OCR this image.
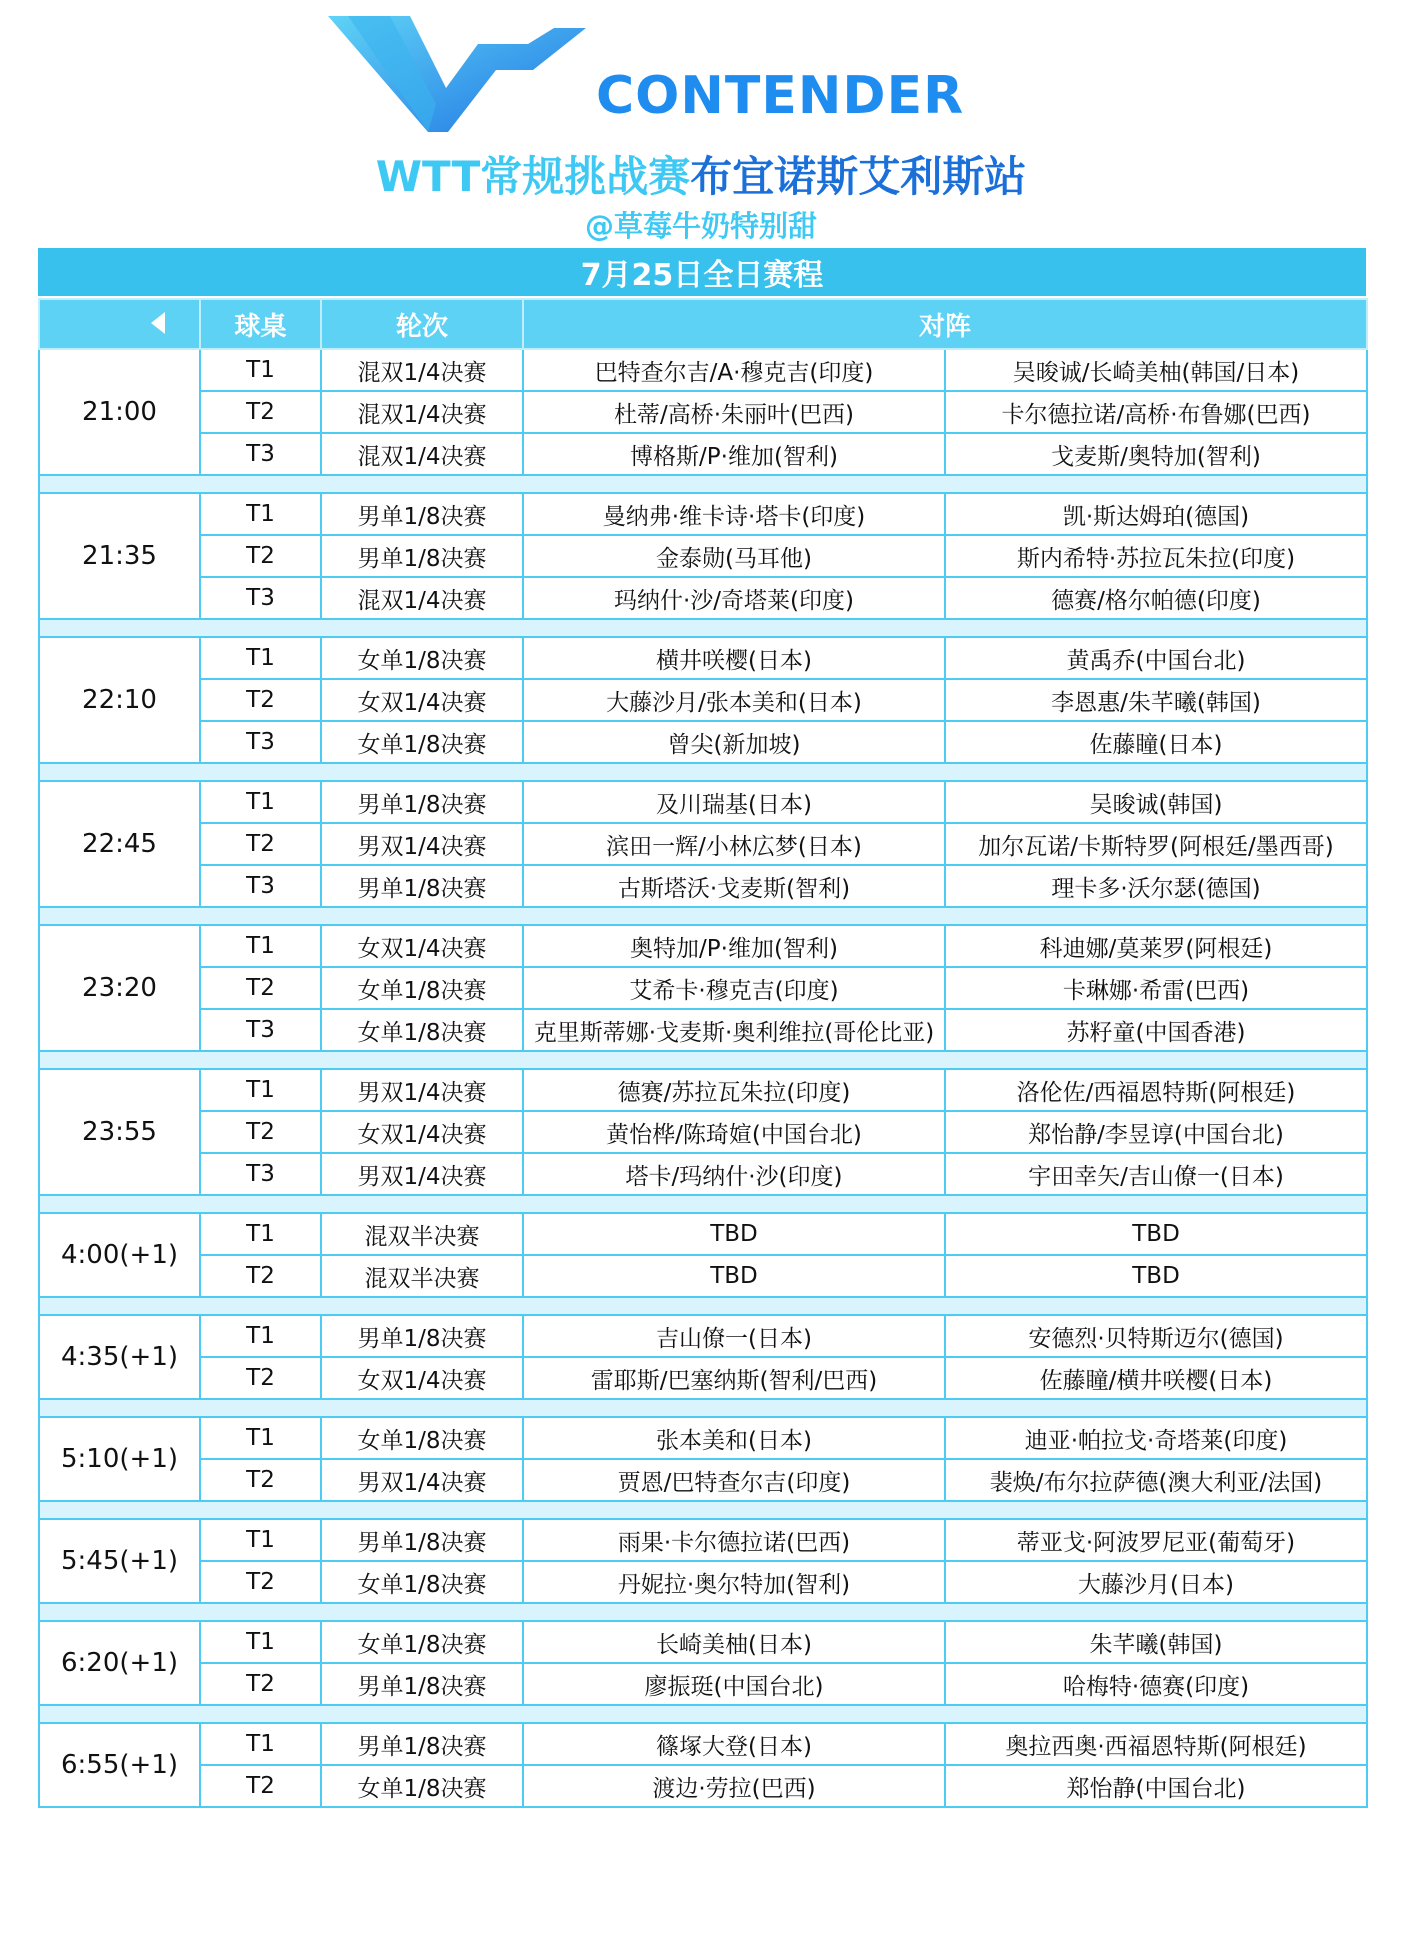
CONTENDER
WTT常规挑战赛布宜诺斯艾利斯站
@草莓牛奶特别甜
7月25日全日赛程
	球桌	轮次	对阵	
21:00	T1	混双1/4决赛	巴特查尔吉/A·穆克吉(印度)	吴晙诚/长崎美柚(韩国/日本)
	T2	混双1/4决赛	杜蒂/高桥·朱丽叶(巴西)	卡尔德拉诺/高桥·布鲁娜(巴西)
	T3	混双1/4决赛	博格斯/P·维加(智利)	戈麦斯/奥特加(智利)

21:35	T1	男单1/8决赛	曼纳弗·维卡诗·塔卡(印度)	凯·斯达姆珀(德国)
	T2	男单1/8决赛	金泰勋(马耳他)	斯内希特·苏拉瓦朱拉(印度)
	T3	混双1/4决赛	玛纳什·沙/奇塔莱(印度)	德赛/格尔帕德(印度)

22:10	T1	女单1/8决赛	横井咲樱(日本)	黄禹乔(中国台北)
	T2	女双1/4决赛	大藤沙月/张本美和(日本)	李恩惠/朱芊曦(韩国)
	T3	女单1/8决赛	曾尖(新加坡)	佐藤瞳(日本)

22:45	T1	男单1/8决赛	及川瑞基(日本)	吴晙诚(韩国)
	T2	男双1/4决赛	滨田一辉/小林広梦(日本)	加尔瓦诺/卡斯特罗(阿根廷/墨西哥)
	T3	男单1/8决赛	古斯塔沃·戈麦斯(智利)	理卡多·沃尔瑟(德国)

23:20	T1	女双1/4决赛	奥特加/P·维加(智利)	科迪娜/莫莱罗(阿根廷)
	T2	女单1/8决赛	艾希卡·穆克吉(印度)	卡琳娜·希雷(巴西)
	T3	女单1/8决赛	克里斯蒂娜·戈麦斯·奥利维拉(哥伦比亚)	苏籽童(中国香港)

23:55	T1	男双1/4决赛	德赛/苏拉瓦朱拉(印度)	洛伦佐/西福恩特斯(阿根廷)
	T2	女双1/4决赛	黄怡桦/陈琦媗(中国台北)	郑怡静/李昱谆(中国台北)
	T3	男双1/4决赛	塔卡/玛纳什·沙(印度)	宇田幸矢/吉山僚一(日本)

4:00(+1)	T1	混双半决赛	TBD	TBD
	T2	混双半决赛	TBD	TBD

4:35(+1)	T1	男单1/8决赛	吉山僚一(日本)	安德烈·贝特斯迈尔(德国)
	T2	女双1/4决赛	雷耶斯/巴塞纳斯(智利/巴西)	佐藤瞳/横井咲樱(日本)

5:10(+1)	T1	女单1/8决赛	张本美和(日本)	迪亚·帕拉戈·奇塔莱(印度)
	T2	男双1/4决赛	贾恩/巴特查尔吉(印度)	裴焕/布尔拉萨德(澳大利亚/法国)

5:45(+1)	T1	男单1/8决赛	雨果·卡尔德拉诺(巴西)	蒂亚戈·阿波罗尼亚(葡萄牙)
	T2	女单1/8决赛	丹妮拉·奥尔特加(智利)	大藤沙月(日本)

6:20(+1)	T1	女单1/8决赛	长崎美柚(日本)	朱芊曦(韩国)
	T2	男单1/8决赛	廖振珽(中国台北)	哈梅特·德赛(印度)

6:55(+1)	T1	男单1/8决赛	篠塚大登(日本)	奥拉西奥·西福恩特斯(阿根廷)
	T2	女单1/8决赛	渡边·劳拉(巴西)	郑怡静(中国台北)
